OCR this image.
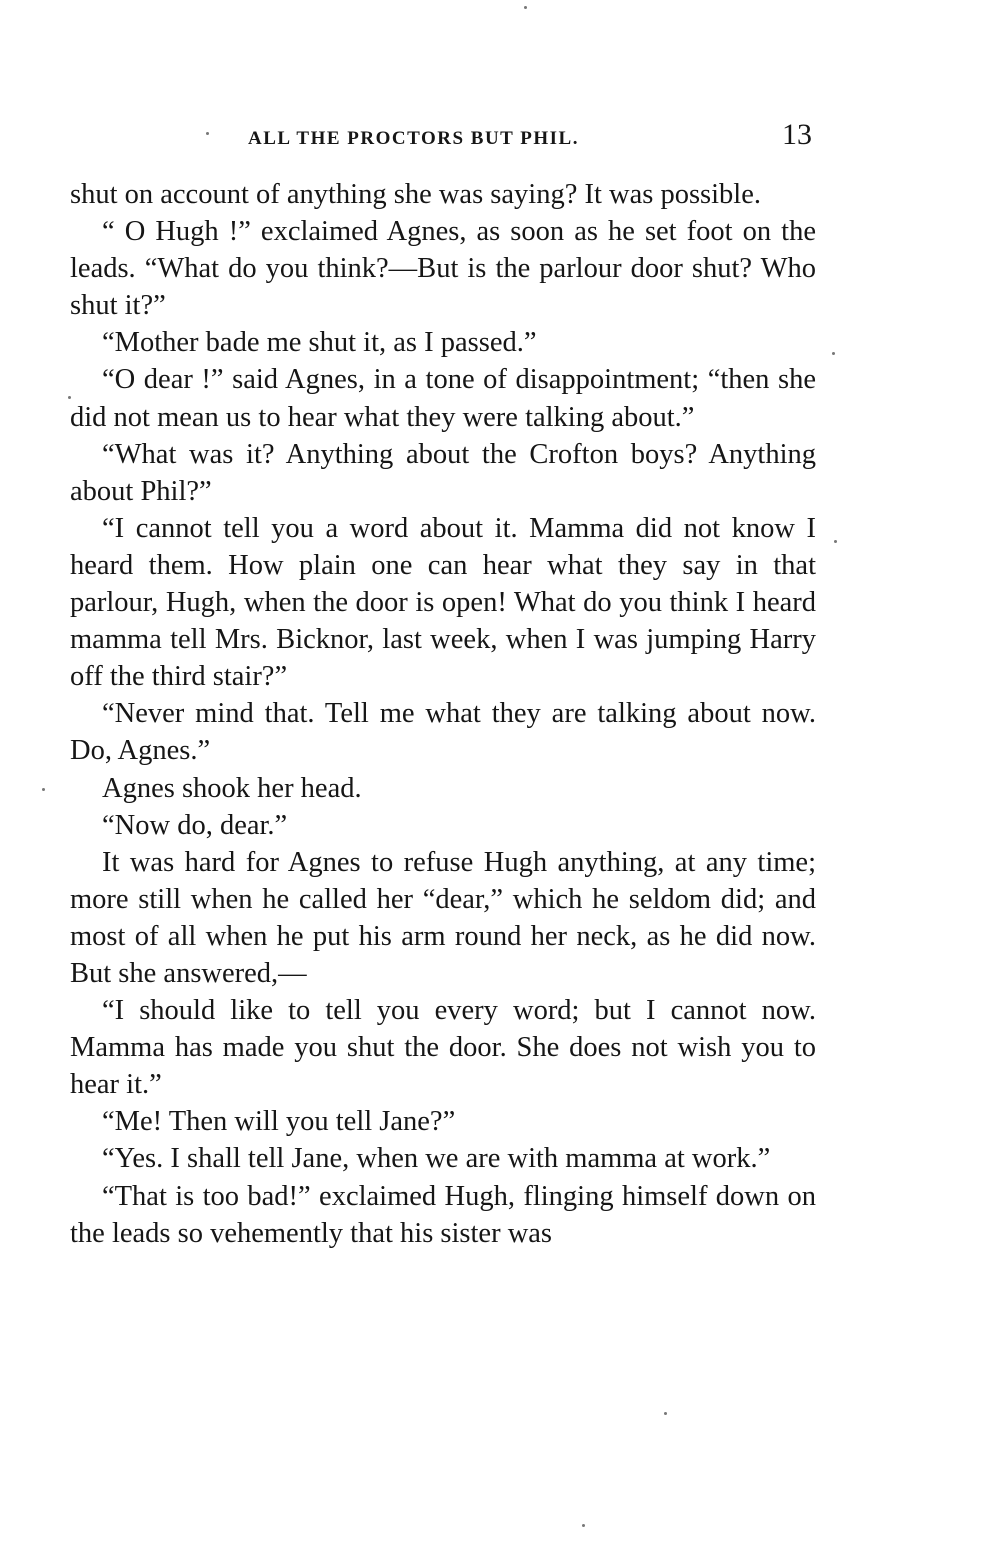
ALL THE PROCTORS BUT PHIL.	13

shut on account of anything she was saying? It was possible.

“ O Hugh !” exclaimed Agnes, as soon as he set foot on the leads. “What do you think?—But is the parlour door shut? Who shut it?”

“Mother bade me shut it, as I passed.”

“O dear !” said Agnes, in a tone of disappointment; “then she did not mean us to hear what they were talking about.”

“What was it? Anything about the Crofton boys? Anything about Phil?”

“I cannot tell you a word about it. Mamma did not know I heard them. How plain one can hear what they say in that parlour, Hugh, when the door is open! What do you think I heard mamma tell Mrs. Bicknor, last week, when I was jumping Harry off the third stair?”

“Never mind that. Tell me what they are talking about now. Do, Agnes.”

Agnes shook her head.

“Now do, dear.”

It was hard for Agnes to refuse Hugh anything, at any time; more still when he called her “dear,” which he seldom did; and most of all when he put his arm round her neck, as he did now. But she answered,—

“I should like to tell you every word; but I cannot now. Mamma has made you shut the door. She does not wish you to hear it.”

“Me! Then will you tell Jane?”

“Yes. I shall tell Jane, when we are with mamma at work.”

“That is too bad!” exclaimed Hugh, flinging himself down on the leads so vehemently that his sister was
